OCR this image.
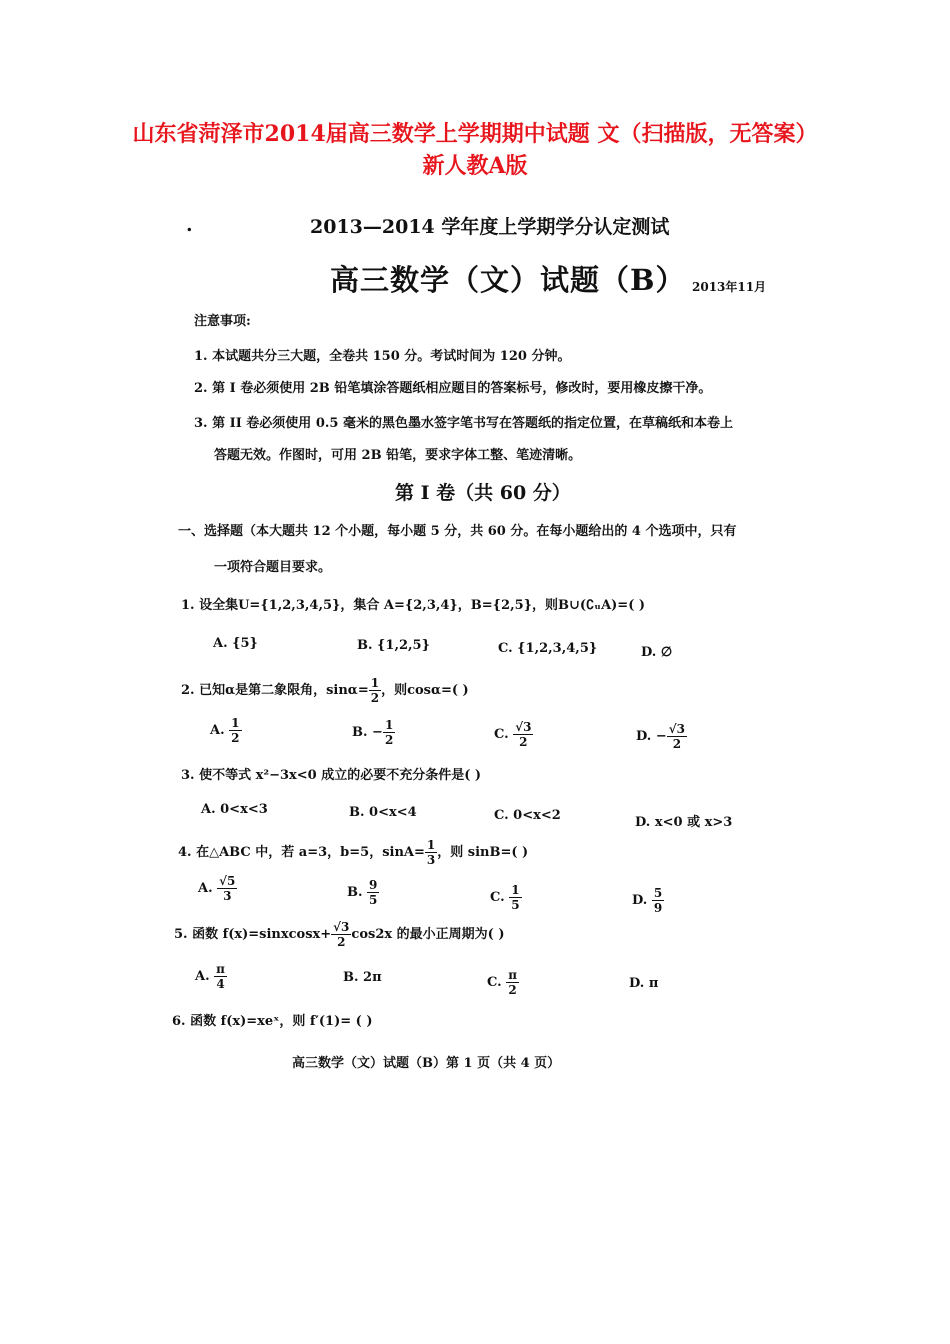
山东省菏泽市2014届高三数学上学期期中试题 文（扫描版，无答案）新人教A版
.	2013—2014 学年度上学期学分认定测试
高三数学（文）试题（B） 2013年11月
注意事项:
1. 本试题共分三大题，全卷共 150 分。考试时间为 120 分钟。
2. 第 I 卷必须使用 2B 铅笔填涂答题纸相应题目的答案标号，修改时，要用橡皮擦干净。
3. 第 II 卷必须使用 0.5 毫米的黑色墨水签字笔书写在答题纸的指定位置，在草稿纸和本卷上
答题无效。作图时，可用 2B 铅笔，要求字体工整、笔迹清晰。
第 I 卷（共 60 分）
一、选择题（本大题共 12 个小题，每小题 5 分，共 60 分。在每小题给出的 4 个选项中，只有
一项符合题目要求。
1. 设全集U={1,2,3,4,5}，集合 A={2,3,4}，B={2,5}，则B∪(∁ᵤA)=( )
A. {5}	B. {1,2,5}	C. {1,2,3,4,5}	D. ∅
2. 已知α是第二象限角，$\sin\alpha= \frac{1}{2}$ ，则cosα=( )
A. $\frac{1}{2}$	B. − $\frac{1}{2}$	C. $\frac{√3}{2}$	D. − $\frac{√3}{2}$
3. 使不等式 x²−3x<0 成立的必要不充分条件是( )
A. 0<x<3	B. 0<x<4	C. 0<x<2	D. x<0 或 x>3
4. 在△ABC 中，若 a=3，b=5，$\sin A= \frac{1}{3}$ ，则 sinB=( )
A. $\frac{√5}{3}$	B. $\frac{9}{5}$	C. $\frac{1}{5}$	D. $\frac{5}{9}$
5. 函数 f(x)=sinxcosx+ $\frac{√3}{2} \cos 2x$ 的最小正周期为( )
A. $\frac{\pi}{4}$	B. 2π	C. $\frac{\pi}{2}$	D. π
6. 函数 f(x)=xeˣ，则 f′(1)= ( )
高三数学（文）试题（B）第 1 页（共 4 页）
